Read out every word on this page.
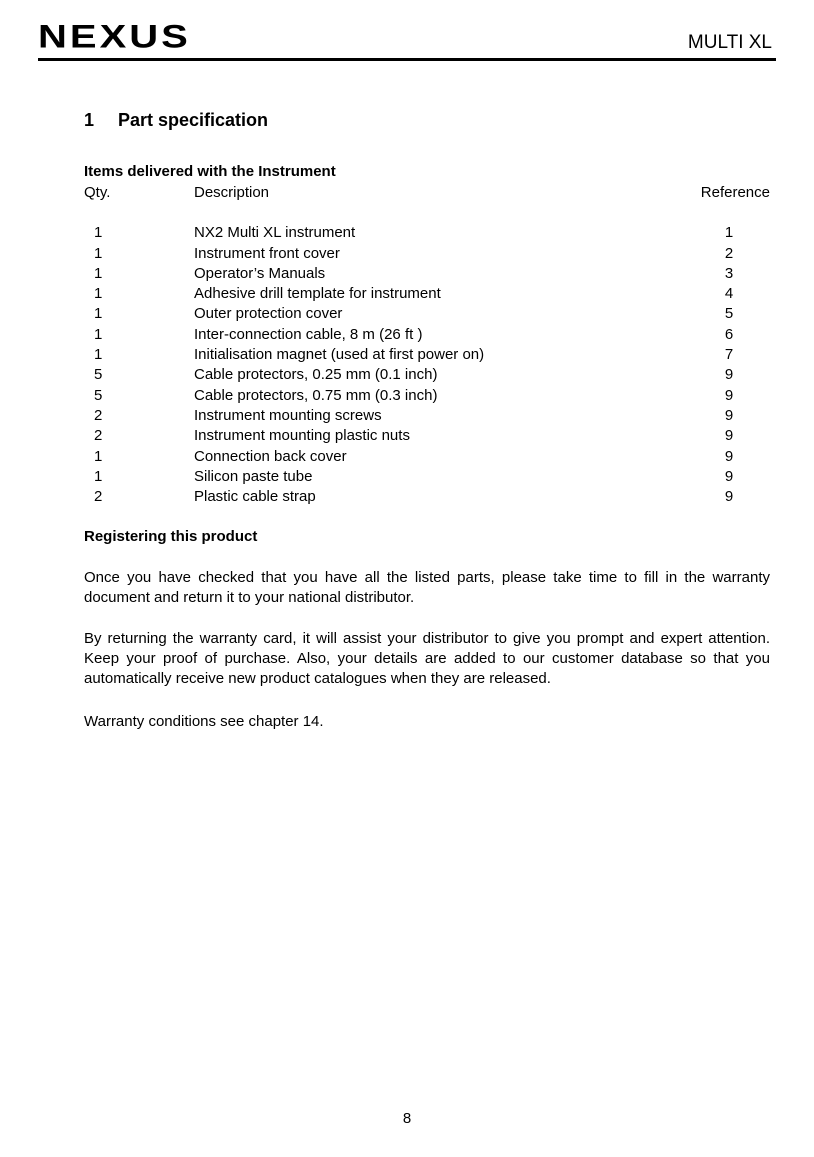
NEXUS	MULTI XL
1 Part specification
Items delivered with the Instrument
Qty.	Description	Reference
1	NX2 Multi XL instrument	1
1	Instrument front cover	2
1	Operator’s Manuals	3
1	Adhesive drill template for instrument	4
1	Outer protection cover	5
1	Inter-connection cable, 8 m (26 ft )	6
1	Initialisation magnet (used at first power on)	7
5	Cable protectors, 0.25 mm (0.1 inch)	9
5	Cable protectors, 0.75 mm (0.3 inch)	9
2	Instrument mounting screws	9
2	Instrument mounting plastic nuts	9
1	Connection back cover	9
1	Silicon paste tube	9
2	Plastic cable strap	9
Registering this product

Once you have checked that you have all the listed parts, please take time to fill in the warranty document and return it to your national distributor.

By returning the warranty card, it will assist your distributor to give you prompt and expert attention. Keep your proof of purchase. Also, your details are added to our customer database so that you automatically receive new product catalogues when they are released.

Warranty conditions see chapter 14.

8
